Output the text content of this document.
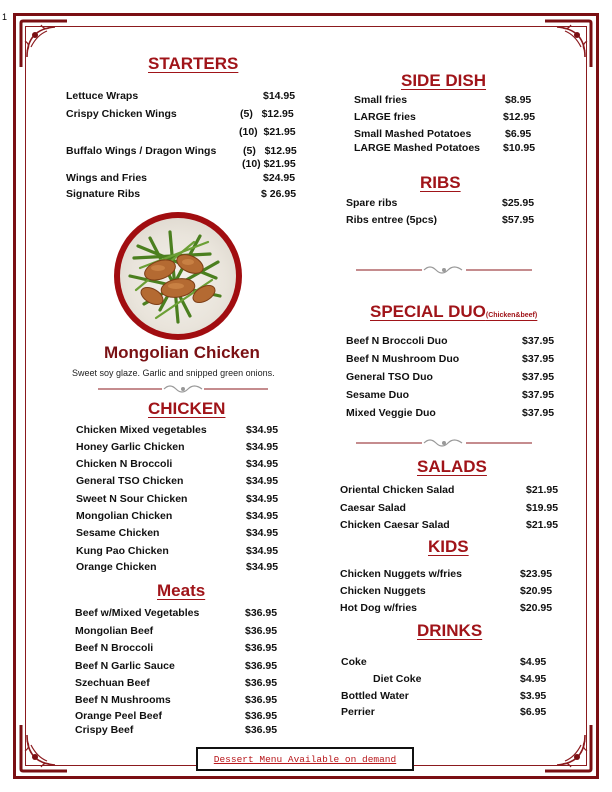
1
STARTERS
Lettuce Wraps	$14.95
Crispy Chicken Wings	(5)   $12.95
(10)  $21.95
Buffalo Wings / Dragon Wings	(5)   $12.95
(10) $21.95
Wings and Fries	$24.95
Signature Ribs	$ 26.95
Mongolian Chicken
Sweet soy glaze. Garlic and snipped green onions.
CHICKEN
Chicken Mixed vegetables	$34.95
Honey Garlic Chicken	$34.95
Chicken N Broccoli	$34.95
General TSO Chicken	$34.95
Sweet N Sour Chicken	$34.95
Mongolian Chicken	$34.95
Sesame Chicken	$34.95
Kung Pao Chicken	$34.95
Orange Chicken	$34.95
Meats
Beef w/Mixed Vegetables	$36.95
Mongolian Beef	$36.95
Beef N Broccoli	$36.95
Beef N Garlic Sauce	$36.95
Szechuan Beef	$36.95
Beef N Mushrooms	$36.95
Orange Peel Beef	$36.95
Crispy Beef	$36.95
SIDE DISH
Small fries	$8.95
LARGE fries	$12.95
Small Mashed Potatoes	$6.95
LARGE Mashed Potatoes $10.95
RIBS
Spare ribs	$25.95
Ribs entree (5pcs)	$57.95
SPECIAL DUO(Chicken&beef)
Beef N Broccoli Duo	$37.95
Beef N Mushroom Duo	$37.95
General TSO Duo	$37.95
Sesame Duo	$37.95
Mixed Veggie Duo	$37.95
SALADS
Oriental Chicken Salad	$21.95
Caesar Salad	$19.95
Chicken Caesar Salad	$21.95
KIDS
Chicken Nuggets w/fries	$23.95
Chicken Nuggets	$20.95
Hot Dog w/fries	$20.95
DRINKS
Coke	$4.95
Diet Coke	$4.95
Bottled Water	$3.95
Perrier	$6.95
Dessert Menu Available on demand
